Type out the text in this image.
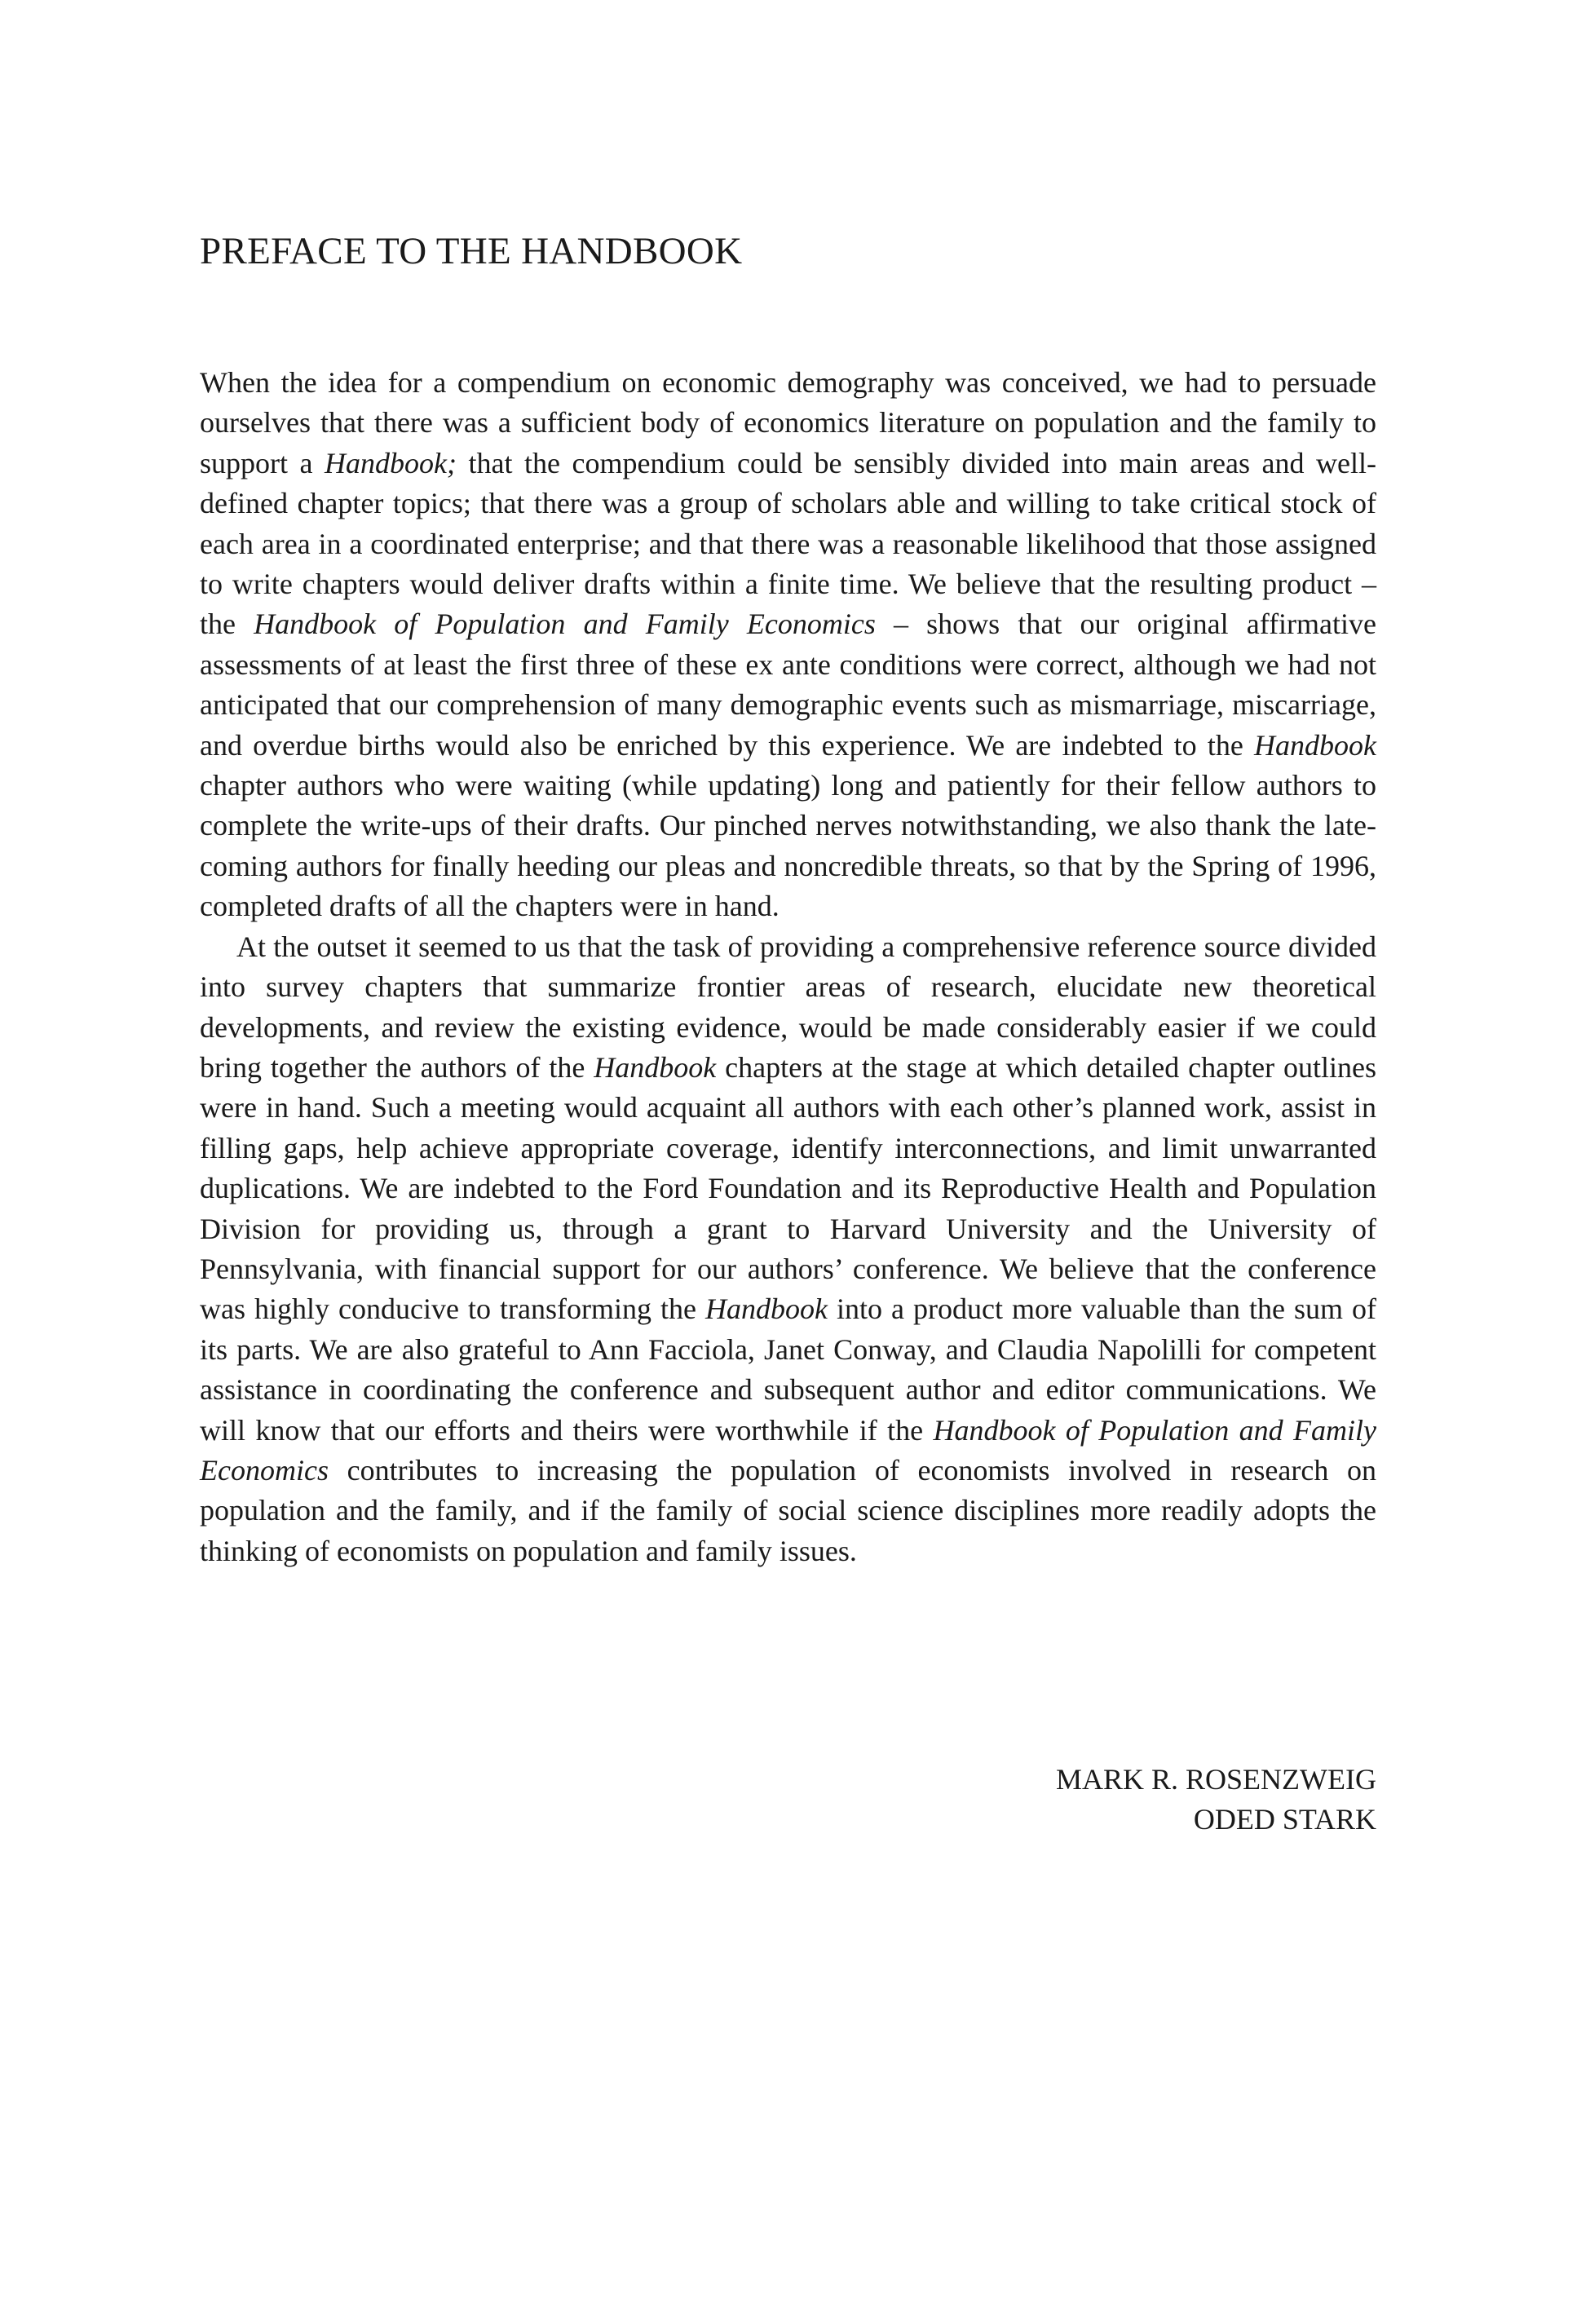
PREFACE TO THE HANDBOOK

When the idea for a compendium on economic demography was conceived, we had to persuade ourselves that there was a sufficient body of economics literature on population and the family to support a Handbook; that the compendium could be sensibly divided into main areas and well-defined chapter topics; that there was a group of scholars able and willing to take critical stock of each area in a coordinated enterprise; and that there was a reasonable likelihood that those assigned to write chapters would deliver drafts within a finite time. We believe that the resulting product – the Handbook of Population and Family Economics – shows that our original affirmative assessments of at least the first three of these ex ante conditions were correct, although we had not anticipated that our comprehension of many demographic events such as mismarriage, miscarriage, and overdue births would also be enriched by this experience. We are indebted to the Handbook chapter authors who were waiting (while updating) long and patiently for their fellow authors to complete the write-ups of their drafts. Our pinched nerves notwithstanding, we also thank the late-coming authors for finally heeding our pleas and noncredible threats, so that by the Spring of 1996, completed drafts of all the chapters were in hand.

At the outset it seemed to us that the task of providing a comprehensive reference source divided into survey chapters that summarize frontier areas of research, elucidate new theoretical developments, and review the existing evidence, would be made considerably easier if we could bring together the authors of the Handbook chapters at the stage at which detailed chapter outlines were in hand. Such a meeting would acquaint all authors with each other’s planned work, assist in filling gaps, help achieve appropriate coverage, identify interconnections, and limit unwarranted duplications. We are indebted to the Ford Foundation and its Reproductive Health and Population Division for providing us, through a grant to Harvard University and the University of Pennsylvania, with financial support for our authors’ conference. We believe that the conference was highly conducive to transforming the Handbook into a product more valuable than the sum of its parts. We are also grateful to Ann Facciola, Janet Conway, and Claudia Napolilli for competent assistance in coordinating the conference and subsequent author and editor communications. We will know that our efforts and theirs were worthwhile if the Handbook of Population and Family Economics contributes to increasing the population of economists involved in research on population and the family, and if the family of social science disciplines more readily adopts the thinking of economists on population and family issues.

MARK R. ROSENZWEIG
ODED STARK
